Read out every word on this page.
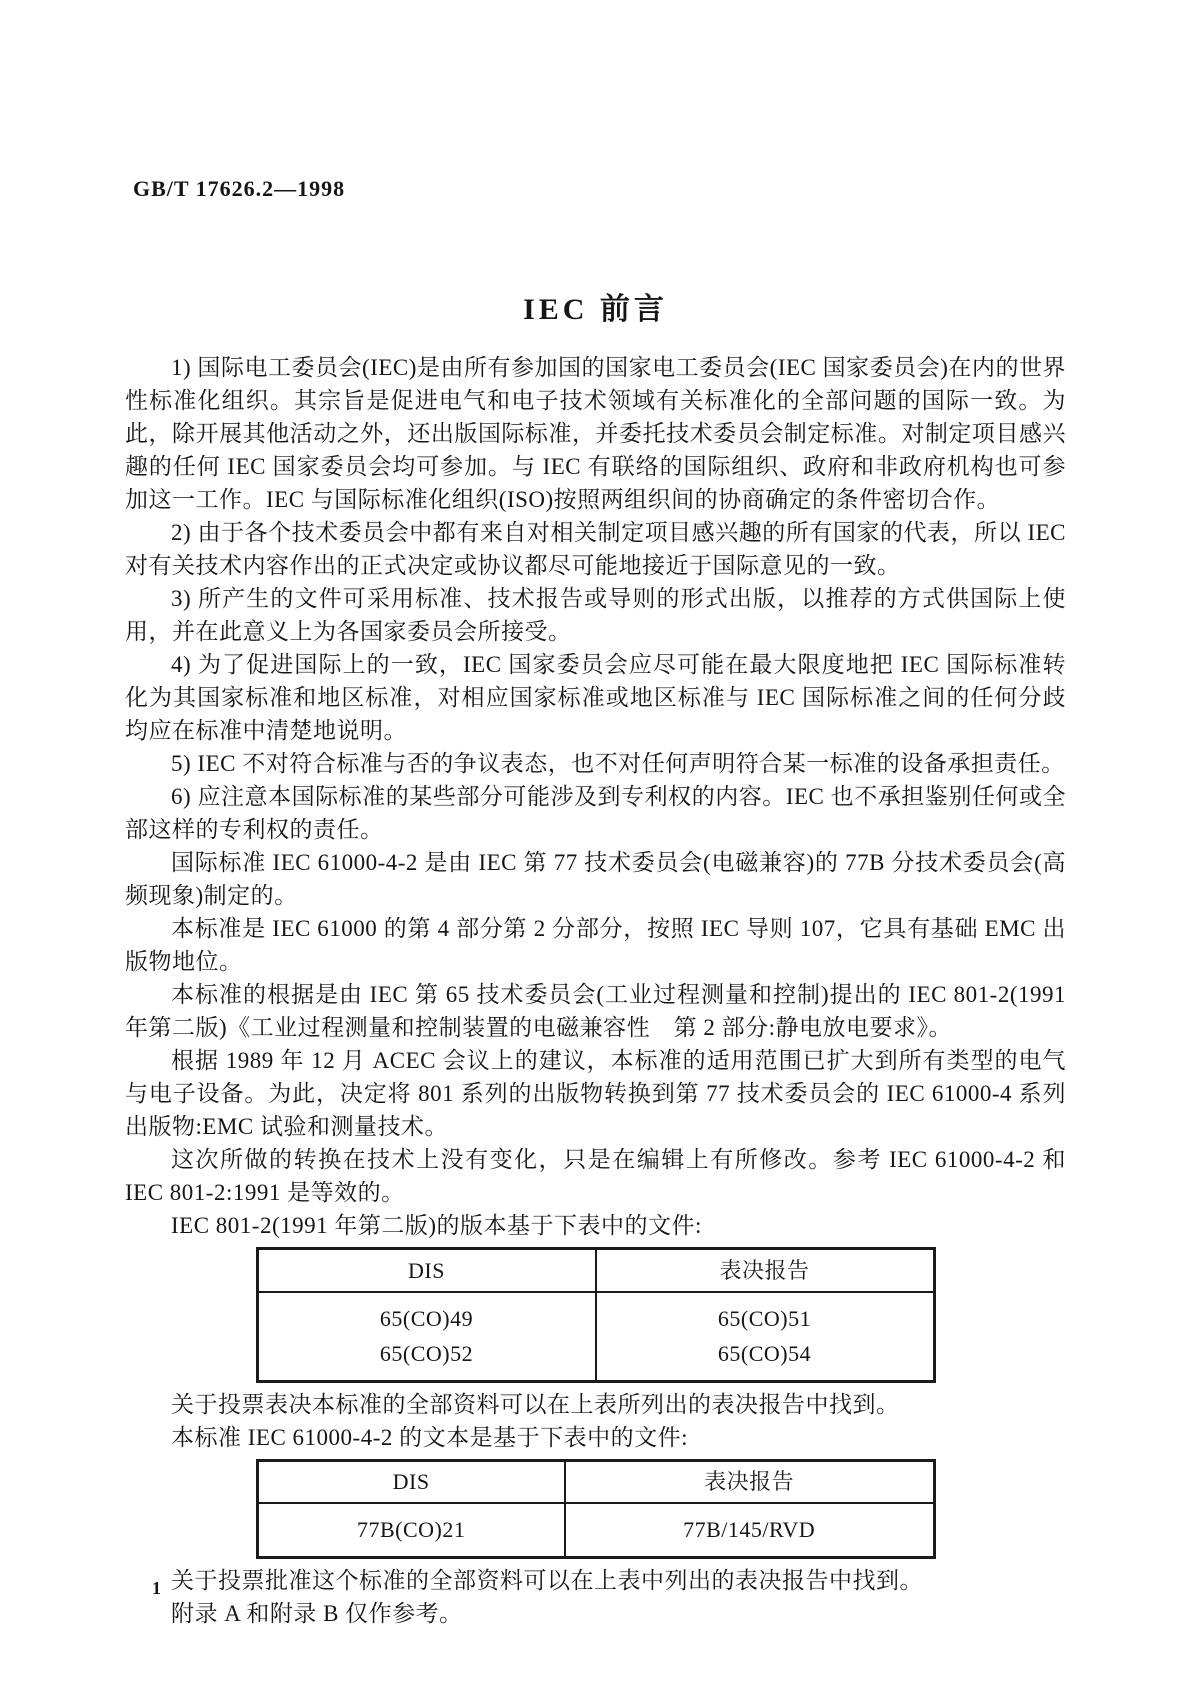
GB/T 17626.2—1998
IEC 前言

1) 国际电工委员会(IEC)是由所有参加国的国家电工委员会(IEC 国家委员会)在内的世界性标准化组织。其宗旨是促进电气和电子技术领域有关标准化的全部问题的国际一致。为此，除开展其他活动之外，还出版国际标准，并委托技术委员会制定标准。对制定项目感兴趣的任何 IEC 国家委员会均可参加。与 IEC 有联络的国际组织、政府和非政府机构也可参加这一工作。IEC 与国际标准化组织(ISO)按照两组织间的协商确定的条件密切合作。

2) 由于各个技术委员会中都有来自对相关制定项目感兴趣的所有国家的代表，所以 IEC 对有关技术内容作出的正式决定或协议都尽可能地接近于国际意见的一致。

3) 所产生的文件可采用标准、技术报告或导则的形式出版，以推荐的方式供国际上使用，并在此意义上为各国家委员会所接受。

4) 为了促进国际上的一致，IEC 国家委员会应尽可能在最大限度地把 IEC 国际标准转化为其国家标准和地区标准，对相应国家标准或地区标准与 IEC 国际标准之间的任何分歧均应在标准中清楚地说明。

5) IEC 不对符合标准与否的争议表态，也不对任何声明符合某一标准的设备承担责任。

6) 应注意本国际标准的某些部分可能涉及到专利权的内容。IEC 也不承担鉴别任何或全部这样的专利权的责任。

国际标准 IEC 61000-4-2 是由 IEC 第 77 技术委员会(电磁兼容)的 77B 分技术委员会(高频现象)制定的。

本标准是 IEC 61000 的第 4 部分第 2 分部分，按照 IEC 导则 107，它具有基础 EMC 出版物地位。

本标准的根据是由 IEC 第 65 技术委员会(工业过程测量和控制)提出的 IEC 801-2(1991 年第二版)《工业过程测量和控制装置的电磁兼容性　第 2 部分:静电放电要求》。

根据 1989 年 12 月 ACEC 会议上的建议，本标准的适用范围已扩大到所有类型的电气与电子设备。为此，决定将 801 系列的出版物转换到第 77 技术委员会的 IEC 61000-4 系列出版物:EMC 试验和测量技术。

这次所做的转换在技术上没有变化，只是在编辑上有所修改。参考 IEC 61000-4-2 和 IEC 801-2:1991 是等效的。

IEC 801-2(1991 年第二版)的版本基于下表中的文件:

DIS	表决报告
65(CO)49	65(CO)51
65(CO)52	65(CO)54

关于投票表决本标准的全部资料可以在上表所列出的表决报告中找到。

本标准 IEC 61000-4-2 的文本是基于下表中的文件:

DIS	表决报告
77B(CO)21	77B/145/RVD

关于投票批准这个标准的全部资料可以在上表中列出的表决报告中找到。

附录 A 和附录 B 仅作参考。

1
